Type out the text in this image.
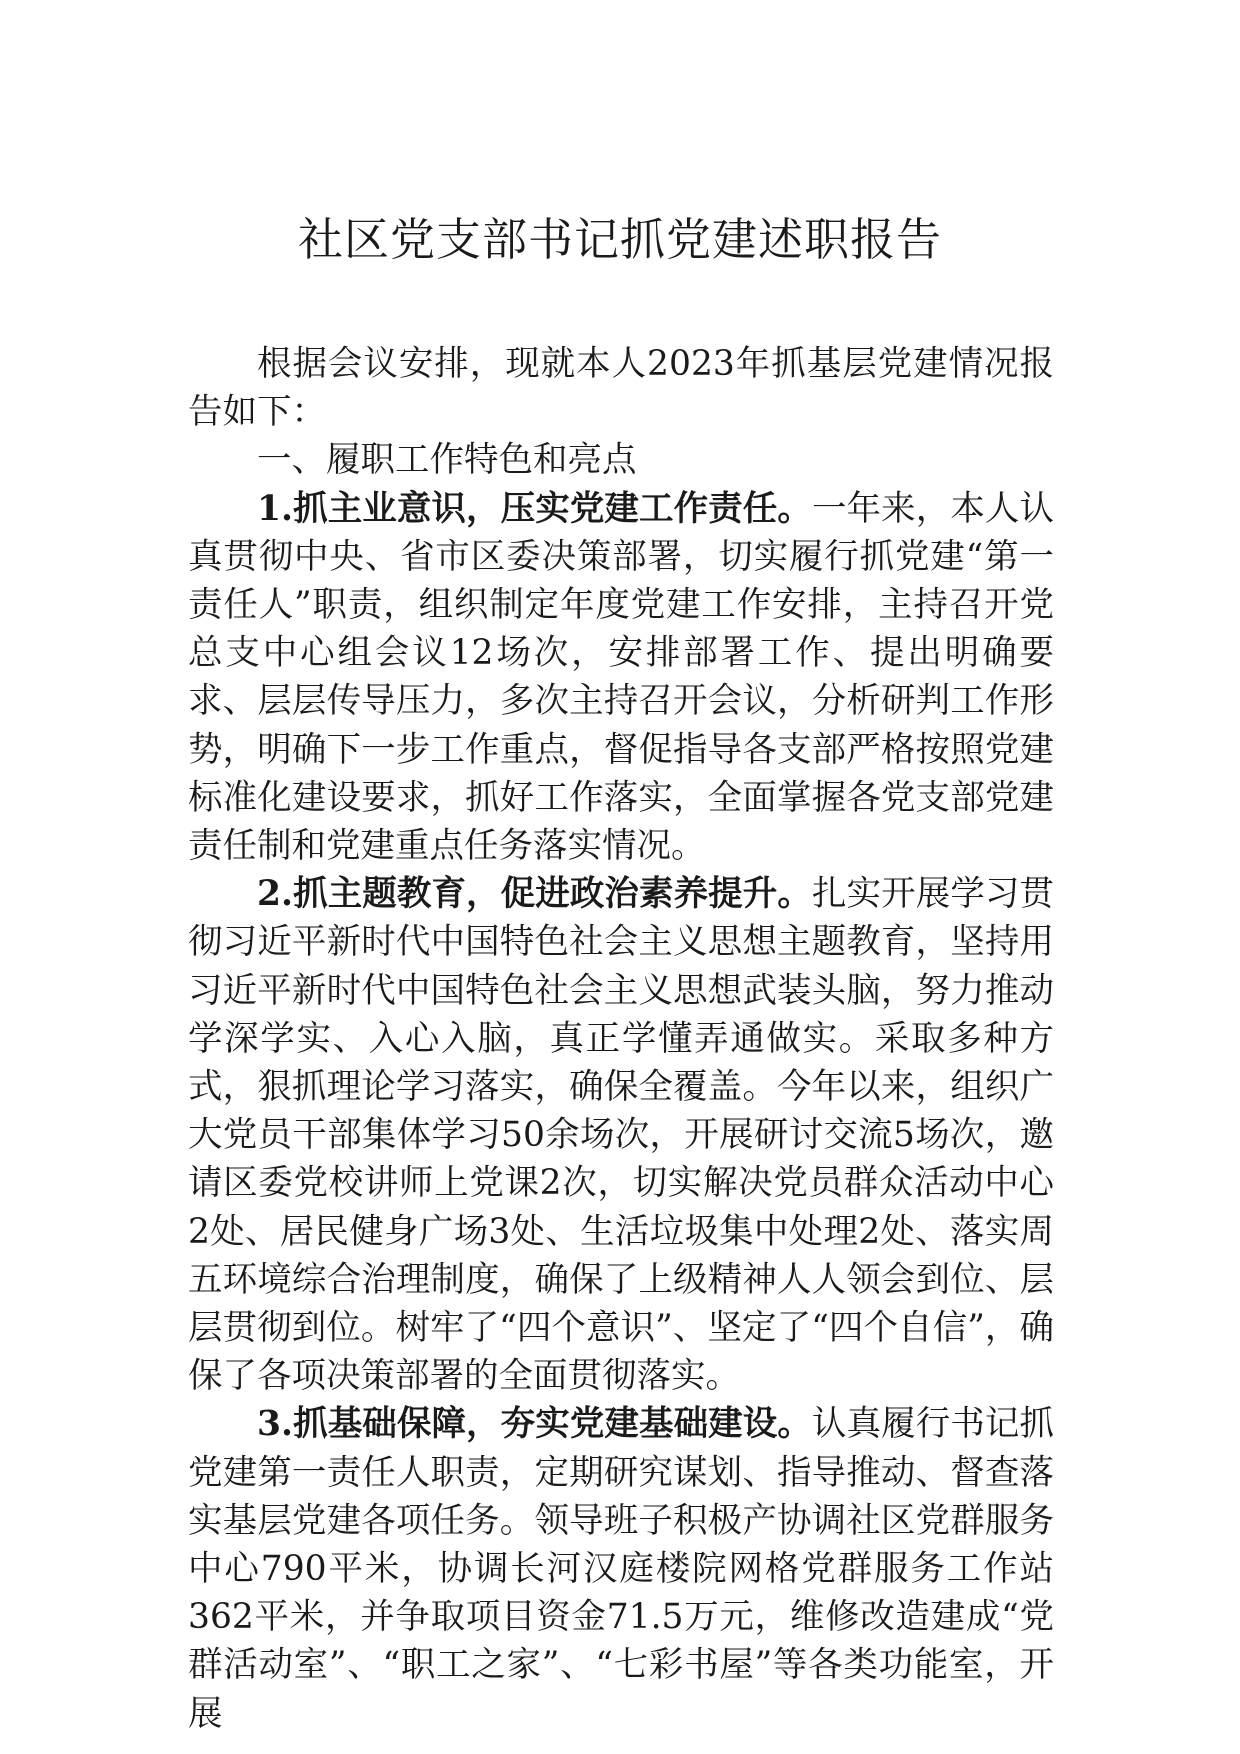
社区党支部书记抓党建述职报告

根据会议安排，现就本人2023年抓基层党建情况报告如下：

一、履职工作特色和亮点

1.抓主业意识，压实党建工作责任。一年来，本人认真贯彻中央、省市区委决策部署，切实履行抓党建“第一责任人”职责，组织制定年度党建工作安排，主持召开党总支中心组会议12场次，安排部署工作、提出明确要求、层层传导压力，多次主持召开会议，分析研判工作形势，明确下一步工作重点，督促指导各支部严格按照党建标准化建设要求，抓好工作落实，全面掌握各党支部党建责任制和党建重点任务落实情况。

2.抓主题教育，促进政治素养提升。扎实开展学习贯彻习近平新时代中国特色社会主义思想主题教育，坚持用习近平新时代中国特色社会主义思想武装头脑，努力推动学深学实、入心入脑，真正学懂弄通做实。采取多种方式，狠抓理论学习落实，确保全覆盖。今年以来，组织广大党员干部集体学习50余场次，开展研讨交流5场次，邀请区委党校讲师上党课2次，切实解决党员群众活动中心2处、居民健身广场3处、生活垃圾集中处理2处、落实周五环境综合治理制度，确保了上级精神人人领会到位、层层贯彻到位。树牢了“四个意识”、坚定了“四个自信”，确保了各项决策部署的全面贯彻落实。

3.抓基础保障，夯实党建基础建设。认真履行书记抓党建第一责任人职责，定期研究谋划、指导推动、督查落实基层党建各项任务。领导班子积极产协调社区党群服务中心790平米，协调长河汉庭楼院网格党群服务工作站362平米，并争取项目资金71.5万元，维修改造建成“党群活动室”、“职工之家”、“七彩书屋”等各类功能室，开展
